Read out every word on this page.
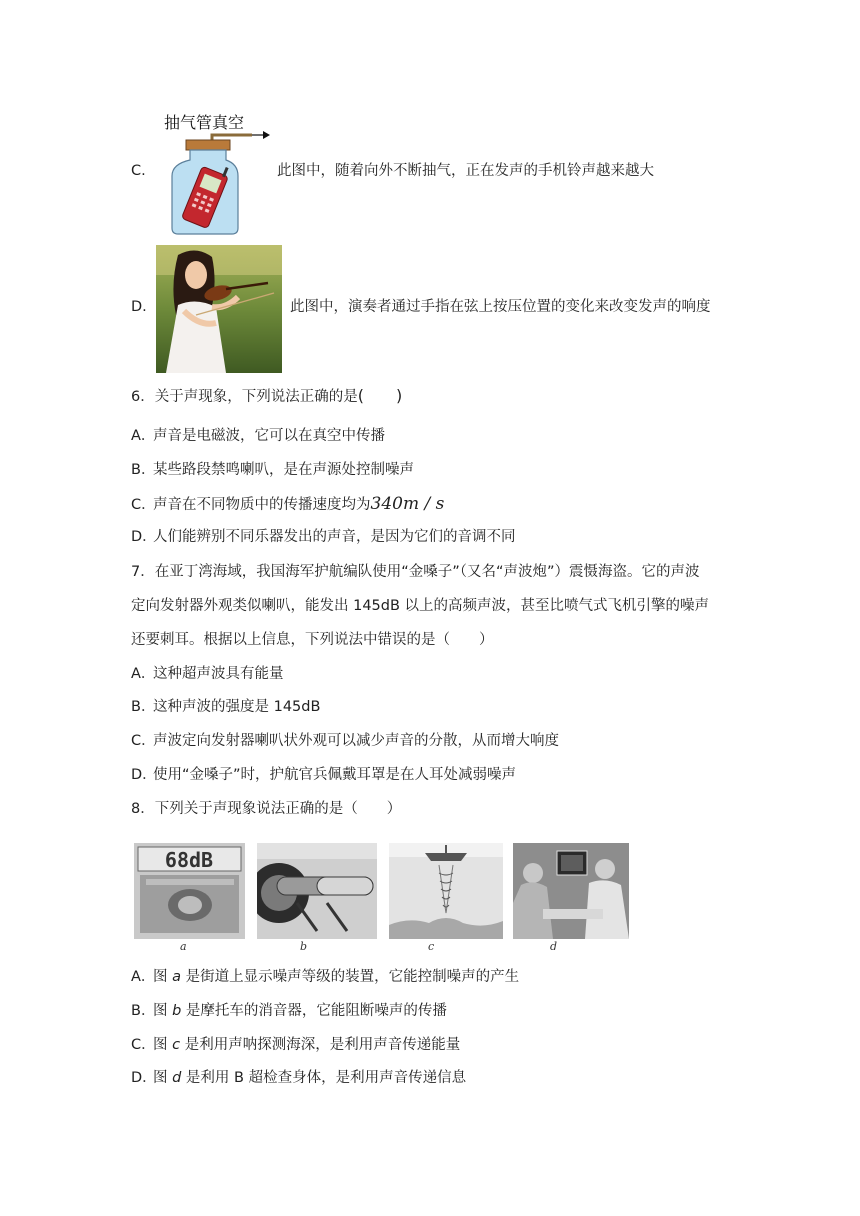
C.
抽气管真空
此图中，随着向外不断抽气，正在发声的手机铃声越来越大
D.	此图中，演奏者通过手指在弦上按压位置的变化来改变发声的响度
6．关于声现象，下列说法正确的是(　　)
A．声音是电磁波，它可以在真空中传播
B．某些路段禁鸣喇叭，是在声源处控制噪声
C．声音在不同物质中的传播速度均为340m / s
D．人们能辨别不同乐器发出的声音，是因为它们的音调不同
7．在亚丁湾海域，我国海军护航编队使用“金嗓子”（又名“声波炮”）震慑海盗。它的声波
定向发射器外观类似喇叭，能发出 145dB 以上的高频声波，甚至比喷气式飞机引擎的噪声
还要刺耳。根据以上信息，下列说法中错误的是（　　）
A．这种超声波具有能量
B．这种声波的强度是 145dB
C．声波定向发射器喇叭状外观可以减少声音的分散，从而增大响度
D．使用“金嗓子”时，护航官兵佩戴耳罩是在人耳处减弱噪声
8．下列关于声现象说法正确的是（　　）
68dB
a	b	c	d
A．图 a 是街道上显示噪声等级的装置，它能控制噪声的产生
B．图 b 是摩托车的消音器，它能阻断噪声的传播
C．图 c 是利用声呐探测海深，是利用声音传递能量
D．图 d 是利用 B 超检查身体，是利用声音传递信息
